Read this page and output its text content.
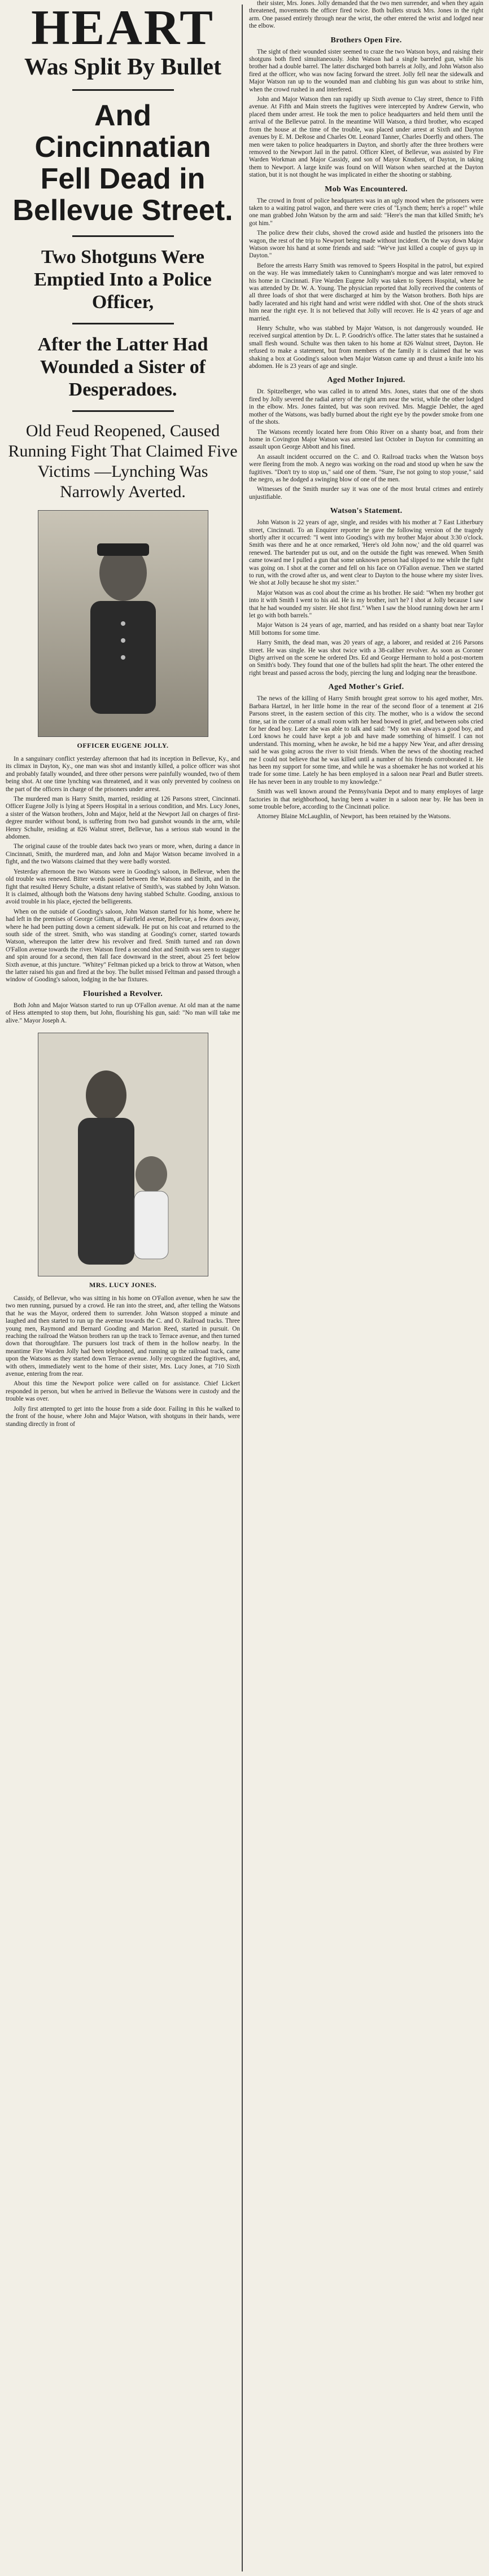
HEART
Was Split By Bullet
And Cincinnatian Fell Dead in Bellevue Street.
Two Shotguns Were Emptied Into a Police Officer,
After the Latter Had Wounded a Sister of Desperadoes.
Old Feud Reopened, Caused Running Fight That Claimed Five Victims —Lynching Was Narrowly Averted.
OFFICER EUGENE JOLLY.

In a sanguinary conflict yesterday afternoon that had its inception in Bellevue, Ky., and its climax in Dayton, Ky., one man was shot and instantly killed, a police officer was shot and probably fatally wounded, and three other persons were painfully wounded, two of them being shot. At one time lynching was threatened, and it was only prevented by coolness on the part of the officers in charge of the prisoners under arrest.

The murdered man is Harry Smith, married, residing at 126 Parsons street, Cincinnati. Officer Eugene Jolly is lying at Speers Hospital in a serious condition, and Mrs. Lucy Jones, a sister of the Watson brothers, John and Major, held at the Newport Jail on charges of first-degree murder without bond, is suffering from two bad gunshot wounds in the arm, while Henry Schulte, residing at 826 Walnut street, Bellevue, has a serious stab wound in the abdomen.

The original cause of the trouble dates back two years or more, when, during a dance in Cincinnati, Smith, the murdered man, and John and Major Watson became involved in a fight, and the two Watsons claimed that they were badly worsted.

Yesterday afternoon the two Watsons were in Gooding's saloon, in Bellevue, when the old trouble was renewed. Bitter words passed between the Watsons and Smith, and in the fight that resulted Henry Schulte, a distant relative of Smith's, was stabbed by John Watson. It is claimed, although both the Watsons deny having stabbed Schulte. Gooding, anxious to avoid trouble in his place, ejected the belligerents.

When on the outside of Gooding's saloon, John Watson started for his home, where he had left in the premises of George Githum, at Fairfield avenue, Bellevue, a few doors away, where he had been putting down a cement sidewalk. He put on his coat and returned to the south side of the street. Smith, who was standing at Gooding's corner, started towards Watson, whereupon the latter drew his revolver and fired. Smith turned and ran down O'Fallon avenue towards the river. Watson fired a second shot and Smith was seen to stagger and spin around for a second, then fall face downward in the street, about 25 feet below Sixth avenue, at this juncture. "Whitey" Feltman picked up a brick to throw at Watson, when the latter raised his gun and fired at the boy. The bullet missed Feltman and passed through a window of Gooding's saloon, lodging in the bar fixtures.

Flourished a Revolver.

Both John and Major Watson started to run up O'Fallon avenue. At old man at the name of Hess attempted to stop them, but John, flourishing his gun, said: "No man will take me alive." Mayor Joseph A.

MRS. LUCY JONES.

Cassidy, of Bellevue, who was sitting in his home on O'Fallon avenue, when he saw the two men running, pursued by a crowd. He ran into the street, and, after telling the Watsons that he was the Mayor, ordered them to surrender. John Watson stopped a minute and laughed and then started to run up the avenue towards the C. and O. Railroad tracks. Three young men, Raymond and Bernard Gooding and Marion Reed, started in pursuit. On reaching the railroad the Watson brothers ran up the track to Terrace avenue, and then turned down that thoroughfare. The pursuers lost track of them in the hollow nearby. In the meantime Fire Warden Jolly had been telephoned, and running up the railroad track, came upon the Watsons as they started down Terrace avenue. Jolly recognized the fugitives, and, with others, immediately went to the home of their sister, Mrs. Lucy Jones, at 710 Sixth avenue, entering from the rear.

About this time the Newport police were called on for assistance. Chief Lickert responded in person, but when he arrived in Bellevue the Watsons were in custody and the trouble was over.

Jolly first attempted to get into the house from a side door. Failing in this he walked to the front of the house, where John and Major Watson, with shotguns in their hands, were standing directly in front of

their sister, Mrs. Jones. Jolly demanded that the two men surrender, and when they again threatened, movements the officer fired twice. Both bullets struck Mrs. Jones in the right arm. One passed entirely through near the wrist, the other entered the wrist and lodged near the elbow.

Brothers Open Fire.

The sight of their wounded sister seemed to craze the two Watson boys, and raising their shotguns both fired simultaneously. John Watson had a single barreled gun, while his brother had a double barrel. The latter discharged both barrels at Jolly, and John Watson also fired at the officer, who was now facing forward the street. Jolly fell near the sidewalk and Major Watson ran up to the wounded man and clubbing his gun was about to strike him, when the crowd rushed in and interfered.

John and Major Watson then ran rapidly up Sixth avenue to Clay street, thence to Fifth avenue. At Fifth and Main streets the fugitives were intercepted by Andrew Gerwin, who placed them under arrest. He took the men to police headquarters and held them until the arrival of the Bellevue patrol. In the meantime Will Watson, a third brother, who escaped from the house at the time of the trouble, was placed under arrest at Sixth and Dayton avenues by E. M. DeRose and Charles Ott. Leonard Tanner, Charles Doerfly and others. The men were taken to police headquarters in Dayton, and shortly after the three brothers were removed to the Newport Jail in the patrol. Officer Kleet, of Bellevue, was assisted by Fire Warden Workman and Major Cassidy, and son of Mayor Knudsen, of Dayton, in taking them to Newport. A large knife was found on Will Watson when searched at the Dayton station, but it is not thought he was implicated in either the shooting or stabbing.

Mob Was Encountered.

The crowd in front of police headquarters was in an ugly mood when the prisoners were taken to a waiting patrol wagon, and there were cries of "Lynch them; here's a rope!" while one man grabbed John Watson by the arm and said: "Here's the man that killed Smith; he's got him."

The police drew their clubs, shoved the crowd aside and hustled the prisoners into the wagon, the rest of the trip to Newport being made without incident. On the way down Major Watson swore his hand at some friends and said: "We've just killed a couple of guys up in Dayton."

Before the arrests Harry Smith was removed to Speers Hospital in the patrol, but expired on the way. He was immediately taken to Cunningham's morgue and was later removed to his home in Cincinnati. Fire Warden Eugene Jolly was taken to Speers Hospital, where he was attended by Dr. W. A. Young. The physician reported that Jolly received the contents of all three loads of shot that were discharged at him by the Watson brothers. Both hips are badly lacerated and his right hand and wrist were riddled with shot. One of the shots struck him near the right eye. It is not believed that Jolly will recover. He is 42 years of age and married.

Henry Schulte, who was stabbed by Major Watson, is not dangerously wounded. He received surgical attention by Dr. L. P. Goodrich's office. The latter states that he sustained a small flesh wound. Schulte was then taken to his home at 826 Walnut street, Dayton. He refused to make a statement, but from members of the family it is claimed that he was shaking a box at Gooding's saloon when Major Watson came up and thrust a knife into his abdomen. He is 23 years of age and single.

Aged Mother Injured.

Dr. Spitzelberger, who was called in to attend Mrs. Jones, states that one of the shots fired by Jolly severed the radial artery of the right arm near the wrist, while the other lodged in the elbow. Mrs. Jones fainted, but was soon revived. Mrs. Maggie Dehler, the aged mother of the Watsons, was badly burned about the right eye by the powder smoke from one of the shots.

The Watsons recently located here from Ohio River on a shanty boat, and from their home in Covington Major Watson was arrested last October in Dayton for committing an assault upon George Abbott and his fined.

An assault incident occurred on the C. and O. Railroad tracks when the Watson boys were fleeing from the mob. A negro was working on the road and stood up when he saw the fugitives. "Don't try to stop us," said one of them. "Sure, I'se not going to stop youse," said the negro, as he dodged a swinging blow of one of the men.

Witnesses of the Smith murder say it was one of the most brutal crimes and entirely unjustifiable.

Watson's Statement.

John Watson is 22 years of age, single, and resides with his mother at 7 East Litherbury street, Cincinnati. To an Enquirer reporter he gave the following version of the tragedy shortly after it occurred: "I went into Gooding's with my brother Major about 3:30 o'clock. Smith was there and he at once remarked, 'Here's old John now,' and the old quarrel was renewed. The bartender put us out, and on the outside the fight was renewed. When Smith came toward me I pulled a gun that some unknown person had slipped to me while the fight was going on. I shot at the corner and fell on his face on O'Fallon avenue. Then we started to run, with the crowd after us, and went clear to Dayton to the house where my sister lives. We shot at Jolly because he shot my sister."

Major Watson was as cool about the crime as his brother. He said: "When my brother got into it with Smith I went to his aid. He is my brother, isn't he? I shot at Jolly because I saw that he had wounded my sister. He shot first." When I saw the blood running down her arm I let go with both barrels."

Major Watson is 24 years of age, married, and has resided on a shanty boat near Taylor Mill bottoms for some time.

Harry Smith, the dead man, was 20 years of age, a laborer, and resided at 216 Parsons street. He was single. He was shot twice with a 38-caliber revolver. As soon as Coroner Digby arrived on the scene he ordered Drs. Ed and George Hermann to hold a post-mortem on Smith's body. They found that one of the bullets had split the heart. The other entered the right breast and passed across the body, piercing the lung and lodging near the breastbone.

Aged Mother's Grief.

The news of the killing of Harry Smith brought great sorrow to his aged mother, Mrs. Barbara Hartzel, in her little home in the rear of the second floor of a tenement at 216 Parsons street, in the eastern section of this city. The mother, who is a widow the second time, sat in the corner of a small room with her head bowed in grief, and between sobs cried for her dead boy. Later she was able to talk and said: "My son was always a good boy, and Lord knows he could have kept a job and have made something of himself. I can not understand. This morning, when he awoke, he bid me a happy New Year, and after dressing said he was going across the river to visit friends. When the news of the shooting reached me I could not believe that he was killed until a number of his friends corroborated it. He has been my support for some time, and while he was a shoemaker he has not worked at his trade for some time. Lately he has been employed in a saloon near Pearl and Butler streets. He has never been in any trouble to my knowledge."

Smith was well known around the Pennsylvania Depot and to many employes of large factories in that neighborhood, having been a waiter in a saloon near by. He has been in some trouble before, according to the Cincinnati police.

Attorney Blaine McLaughlin, of Newport, has been retained by the Watsons.
